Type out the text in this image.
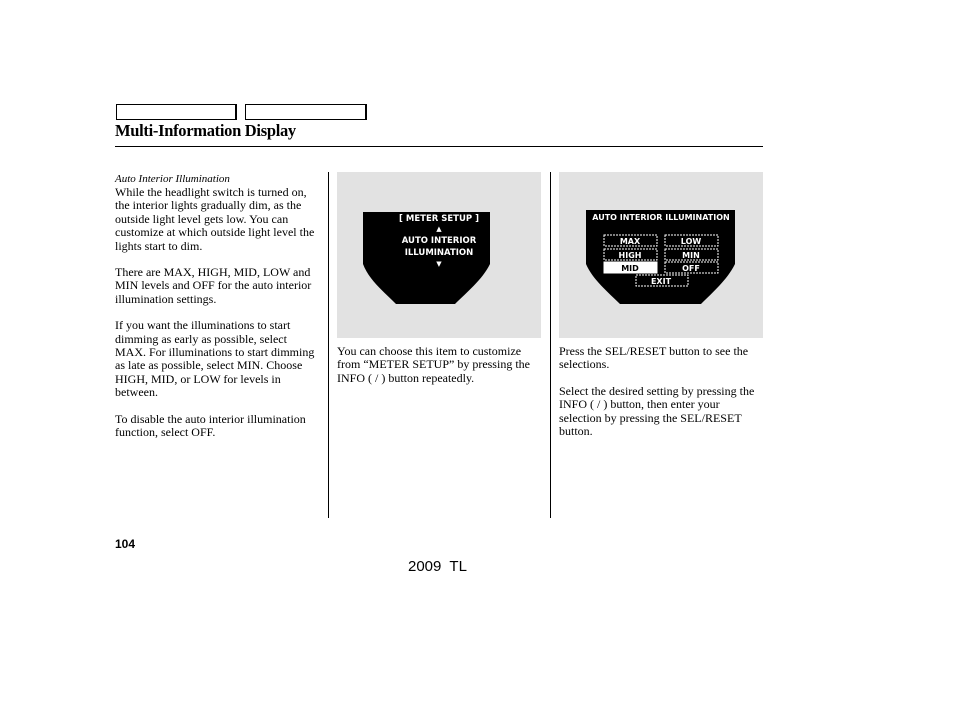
Multi-Information Display
Auto Interior Illumination

While the headlight switch is turned on, the interior lights gradually dim, as the outside light level gets low. You can customize at which outside light level the lights start to dim.

There are MAX, HIGH, MID, LOW and MIN levels and OFF for the auto interior illumination settings.

If you want the illuminations to start dimming as early as possible, select MAX. For illuminations to start dimming as late as possible, select MIN. Choose HIGH, MID, or LOW for levels in between.

To disable the auto interior illumination function, select OFF.

[ METER SETUP ]
▲
AUTO INTERIOR
ILLUMINATION
▼

You can choose this item to customize from “METER SETUP” by pressing the INFO ( / ) button repeatedly.

AUTO INTERIOR ILLUMINATION
MAX	LOW
HIGH	MIN
MID	OFF
EXIT

Press the SEL/RESET button to see the selections.

Select the desired setting by pressing the INFO ( / ) button, then enter your selection by pressing the SEL/RESET button.

104
2009  TL
